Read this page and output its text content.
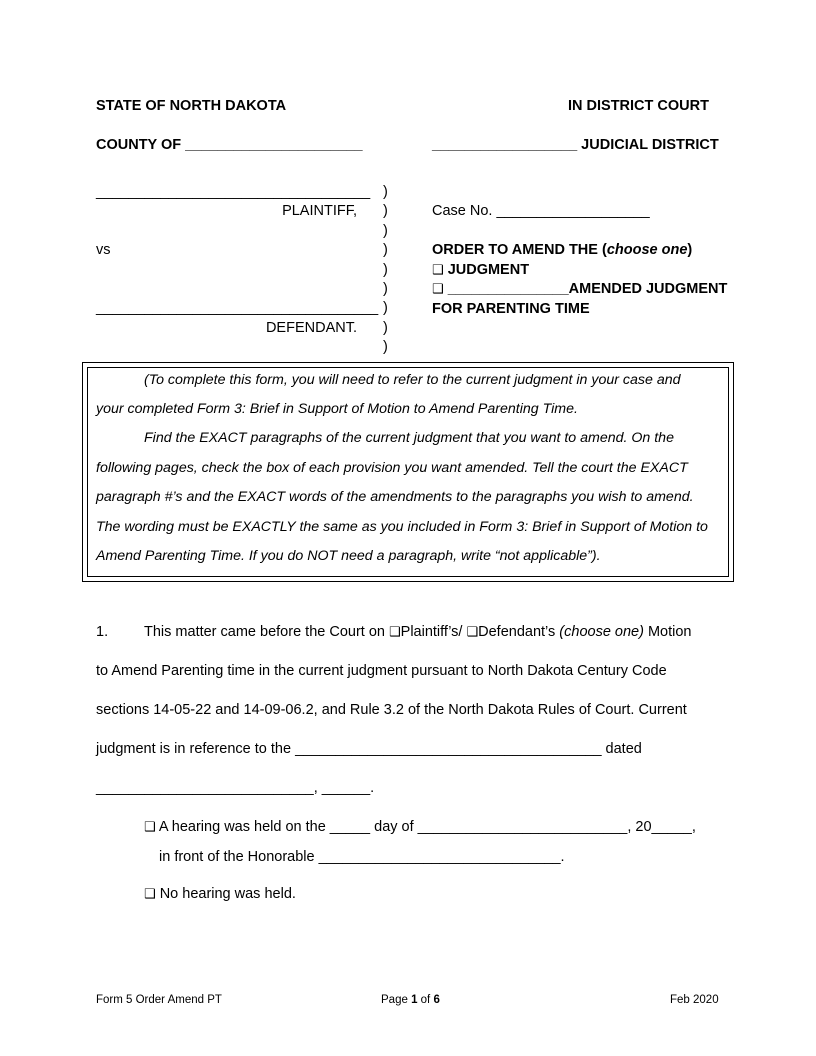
STATE OF NORTH DAKOTA	IN DISTRICT COURT
COUNTY OF ______________________	__________________ JUDICIAL DISTRICT
__________________________________
PLAINTIFF,
vs
___________________________________
DEFENDANT.
)
)
)
)
)
)
)
)
)
Case No. ___________________
ORDER TO AMEND THE (choose one)
❑ JUDGMENT
❑ _______________AMENDED JUDGMENT
FOR PARENTING TIME
(To complete this form, you will need to refer to the current judgment in your case and
your completed Form 3: Brief in Support of Motion to Amend Parenting Time.
Find the EXACT paragraphs of the current judgment that you want to amend. On the
following pages, check the box of each provision you want amended. Tell the court the EXACT
paragraph #’s and the EXACT words of the amendments to the paragraphs you wish to amend.
The wording must be EXACTLY the same as you included in Form 3: Brief in Support of Motion to
Amend Parenting Time. If you do NOT need a paragraph, write “not applicable”).
1. This matter came before the Court on ❑Plaintiff’s/ ❑Defendant’s (choose one) Motion
to Amend Parenting time in the current judgment pursuant to North Dakota Century Code
sections 14-05-22 and 14-09-06.2, and Rule 3.2 of the North Dakota Rules of Court. Current
judgment is in reference to the ______________________________________ dated
___________________________, ______.
❑ A hearing was held on the _____ day of __________________________, 20_____,
in front of the Honorable ______________________________.
❑ No hearing was held.
Form 5 Order Amend PT	Page 1 of 6	Feb 2020
